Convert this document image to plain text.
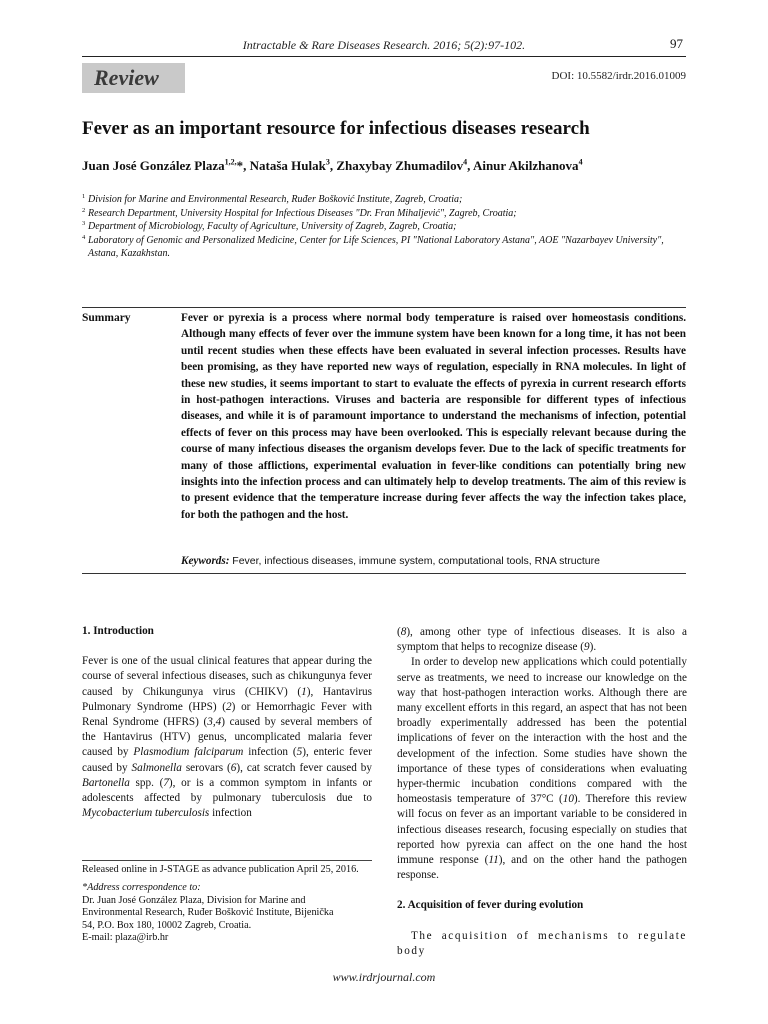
Intractable & Rare Diseases Research. 2016; 5(2):97-102.	97
Review	DOI: 10.5582/irdr.2016.01009
Fever as an important resource for infectious diseases research

Juan José González Plaza$^{1,2,}$*, Nataša Hulak$^3$, Zhaxybay Zhumadilov$^4$, Ainur Akilzhanova$^4$

1 Division for Marine and Environmental Research, Ruđer Bošković Institute, Zagreb, Croatia;
2 Research Department, University Hospital for Infectious Diseases "Dr. Fran Mihaljević", Zagreb, Croatia;
3 Department of Microbiology, Faculty of Agriculture, University of Zagreb, Zagreb, Croatia;
4 Laboratory of Genomic and Personalized Medicine, Center for Life Sciences, PI "National Laboratory Astana", AOE "Nazarbayev University", Astana, Kazakhstan.
Summary	Fever or pyrexia is a process where normal body temperature is raised over homeostasis conditions. Although many effects of fever over the immune system have been known for a long time, it has not been until recent studies when these effects have been evaluated in several infection processes. Results have been promising, as they have reported new ways of regulation, especially in RNA molecules. In light of these new studies, it seems important to start to evaluate the effects of pyrexia in current research efforts in host-pathogen interactions. Viruses and bacteria are responsible for different types of infectious diseases, and while it is of paramount importance to understand the mechanisms of infection, potential effects of fever on this process may have been overlooked. This is especially relevant because during the course of many infectious diseases the organism develops fever. Due to the lack of specific treatments for many of those afflictions, experimental evaluation in fever-like conditions can potentially bring new insights into the infection process and can ultimately help to develop treatments. The aim of this review is to present evidence that the temperature increase during fever affects the way the infection takes place, for both the pathogen and the host.
Keywords: Fever, infectious diseases, immune system, computational tools, RNA structure
1. Introduction

Fever is one of the usual clinical features that appear during the course of several infectious diseases, such as chikungunya fever caused by Chikungunya virus (CHIKV) (1), Hantavirus Pulmonary Syndrome (HPS) (2) or Hemorrhagic Fever with Renal Syndrome (HFRS) (3,4) caused by several members of the Hantavirus (HTV) genus, uncomplicated malaria fever caused by Plasmodium falciparum infection (5), enteric fever caused by Salmonella serovars (6), cat scratch fever caused by Bartonella spp. (7), or is a common symptom in infants or adolescents affected by pulmonary tuberculosis due to Mycobacterium tuberculosis infection

Released online in J-STAGE as advance publication April 25, 2016.

*Address correspondence to:

Dr. Juan José González Plaza, Division for Marine and

Environmental Research, Ruđer Bošković Institute, Bijenička

54, P.O. Box 180, 10002 Zagreb, Croatia.

E-mail: plaza@irb.hr

(8), among other type of infectious diseases. It is also a symptom that helps to recognize disease (9).

In order to develop new applications which could potentially serve as treatments, we need to increase our knowledge on the way that host-pathogen interaction works. Although there are many excellent efforts in this regard, an aspect that has not been broadly experimentally addressed has been the potential implications of fever on the interaction with the host and the development of the infection. Some studies have shown the importance of these types of considerations when evaluating hyper-thermic incubation conditions compared with the homeostasis temperature of 37°C (10). Therefore this review will focus on fever as an important variable to be considered in infectious diseases research, focusing especially on studies that reported how pyrexia can affect on the one hand the host immune response (11), and on the other hand the pathogen response.

2. Acquisition of fever during evolution

The acquisition of mechanisms to regulate body

www.irdrjournal.com
